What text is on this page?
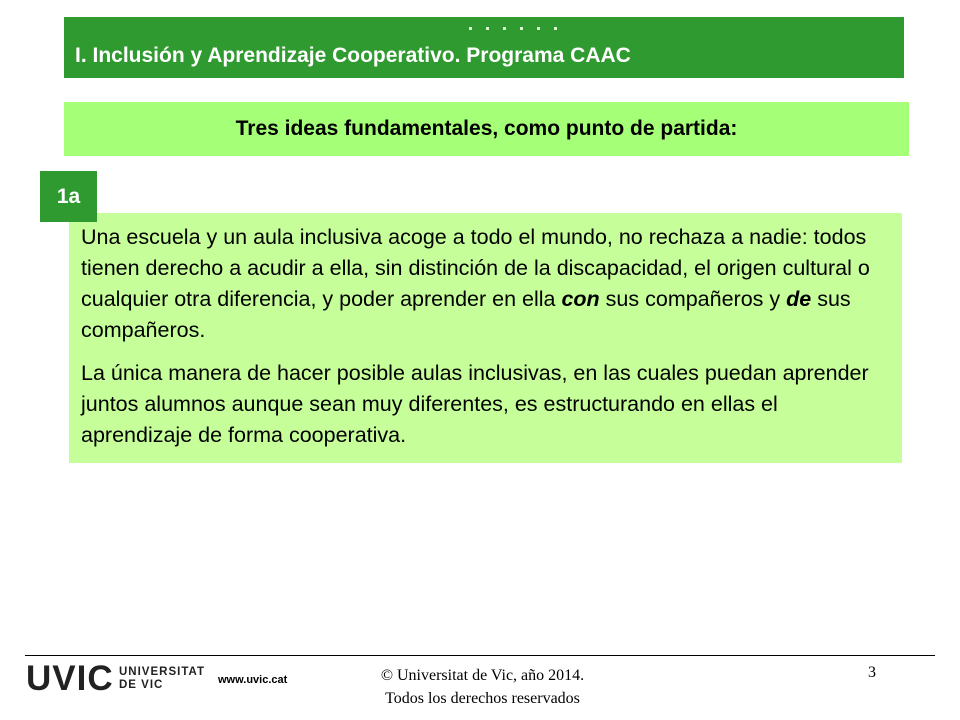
I. Inclusión y Aprendizaje Cooperativo. Programa CAAC
Tres ideas fundamentales, como punto de partida:

Una escuela y un aula inclusiva acoge a todo el mundo, no rechaza a nadie: todos tienen derecho a acudir a ella, sin distinción de la discapacidad, el origen cultural o cualquier otra diferencia, y poder aprender en ella con sus compañeros y de sus compañeros.

La única manera de hacer posible aulas inclusivas, en las cuales puedan aprender juntos alumnos aunque sean muy diferentes, es estructurando en ellas el aprendizaje de forma cooperativa.

1a
UVIC UNIVERSITAT
DE VIC	www.uvic.cat	© Universitat de Vic, año 2014.
Todos los derechos reservados
3
